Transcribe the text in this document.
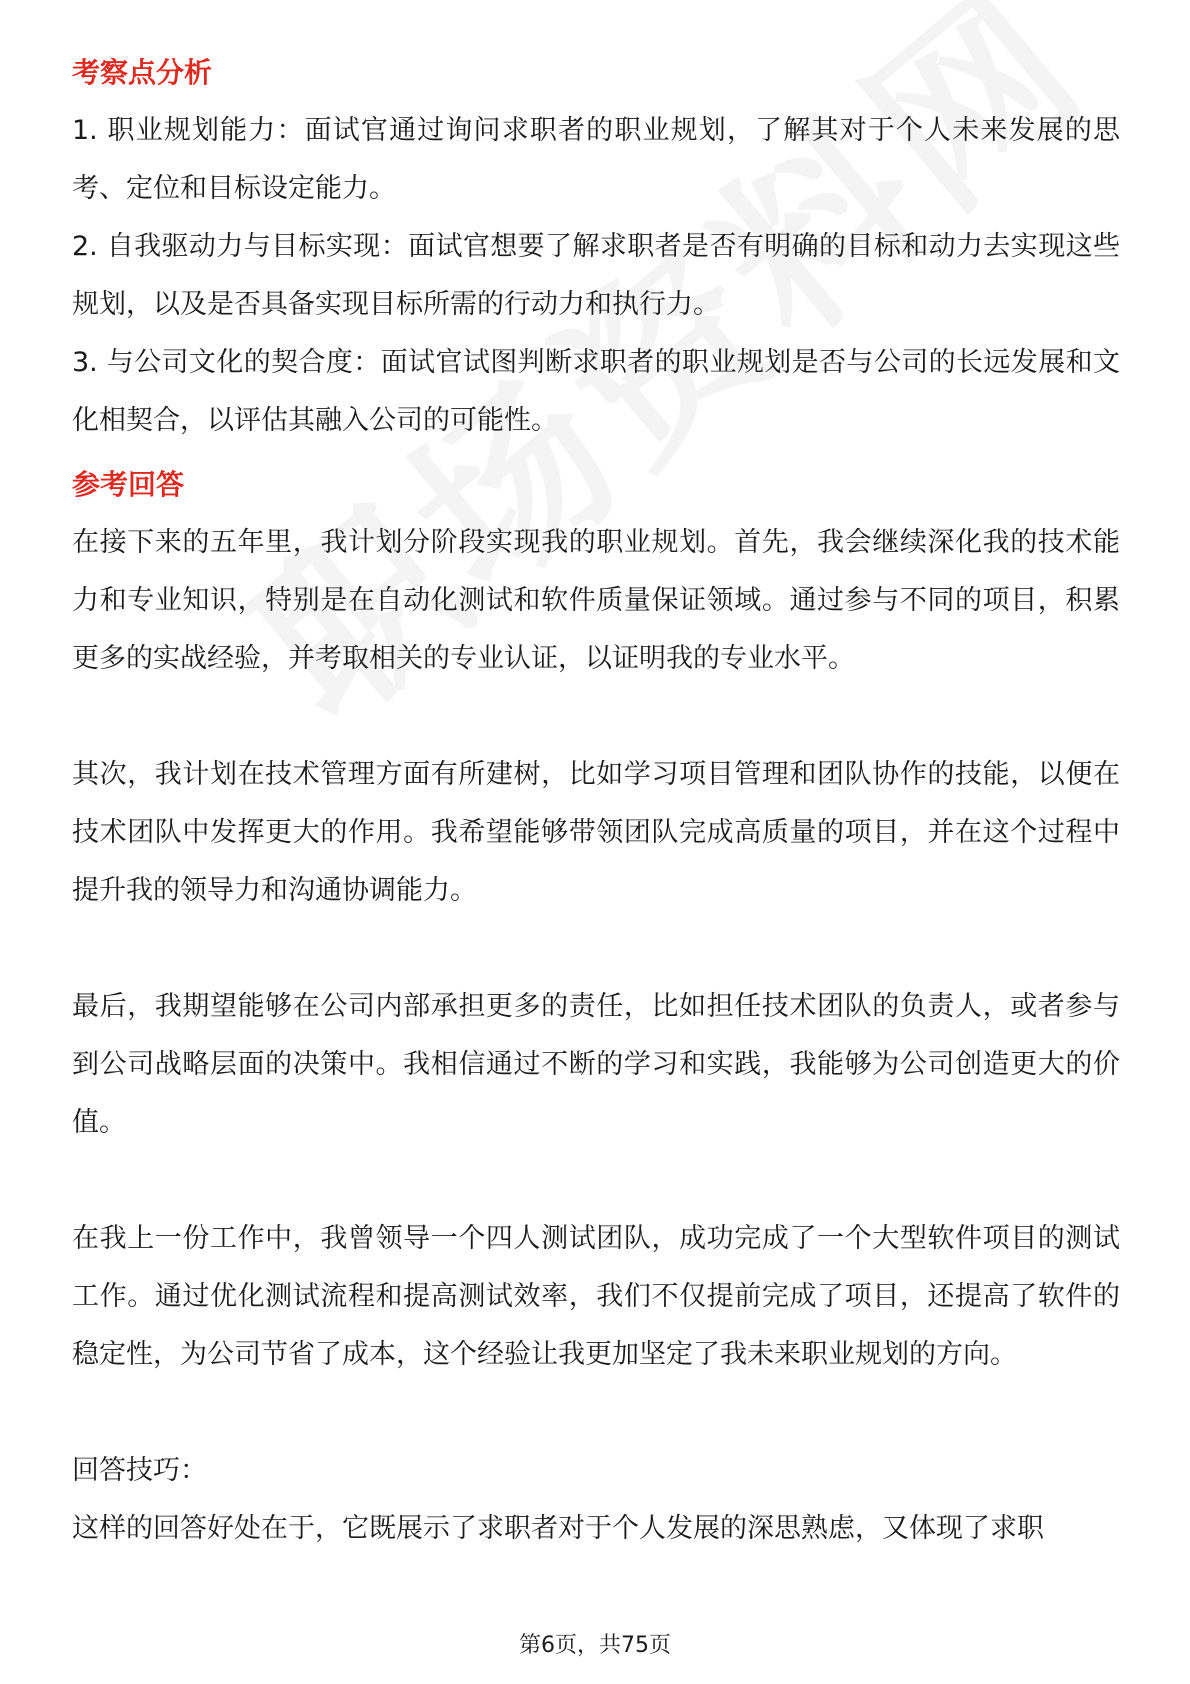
考察点分析

1. 职业规划能力：面试官通过询问求职者的职业规划，了解其对于个人未来发展的思考、定位和目标设定能力。

2. 自我驱动力与目标实现：面试官想要了解求职者是否有明确的目标和动力去实现这些规划，以及是否具备实现目标所需的行动力和执行力。

3. 与公司文化的契合度：面试官试图判断求职者的职业规划是否与公司的长远发展和文化相契合，以评估其融入公司的可能性。

参考回答

在接下来的五年里，我计划分阶段实现我的职业规划。首先，我会继续深化我的技术能力和专业知识，特别是在自动化测试和软件质量保证领域。通过参与不同的项目，积累更多的实战经验，并考取相关的专业认证，以证明我的专业水平。

其次，我计划在技术管理方面有所建树，比如学习项目管理和团队协作的技能，以便在技术团队中发挥更大的作用。我希望能够带领团队完成高质量的项目，并在这个过程中提升我的领导力和沟通协调能力。

最后，我期望能够在公司内部承担更多的责任，比如担任技术团队的负责人，或者参与到公司战略层面的决策中。我相信通过不断的学习和实践，我能够为公司创造更大的价值。

在我上一份工作中，我曾领导一个四人测试团队，成功完成了一个大型软件项目的测试工作。通过优化测试流程和提高测试效率，我们不仅提前完成了项目，还提高了软件的稳定性，为公司节省了成本，这个经验让我更加坚定了我未来职业规划的方向。

回答技巧：

这样的回答好处在于，它既展示了求职者对于个人发展的深思熟虑，又体现了求职

第6页，共75页
